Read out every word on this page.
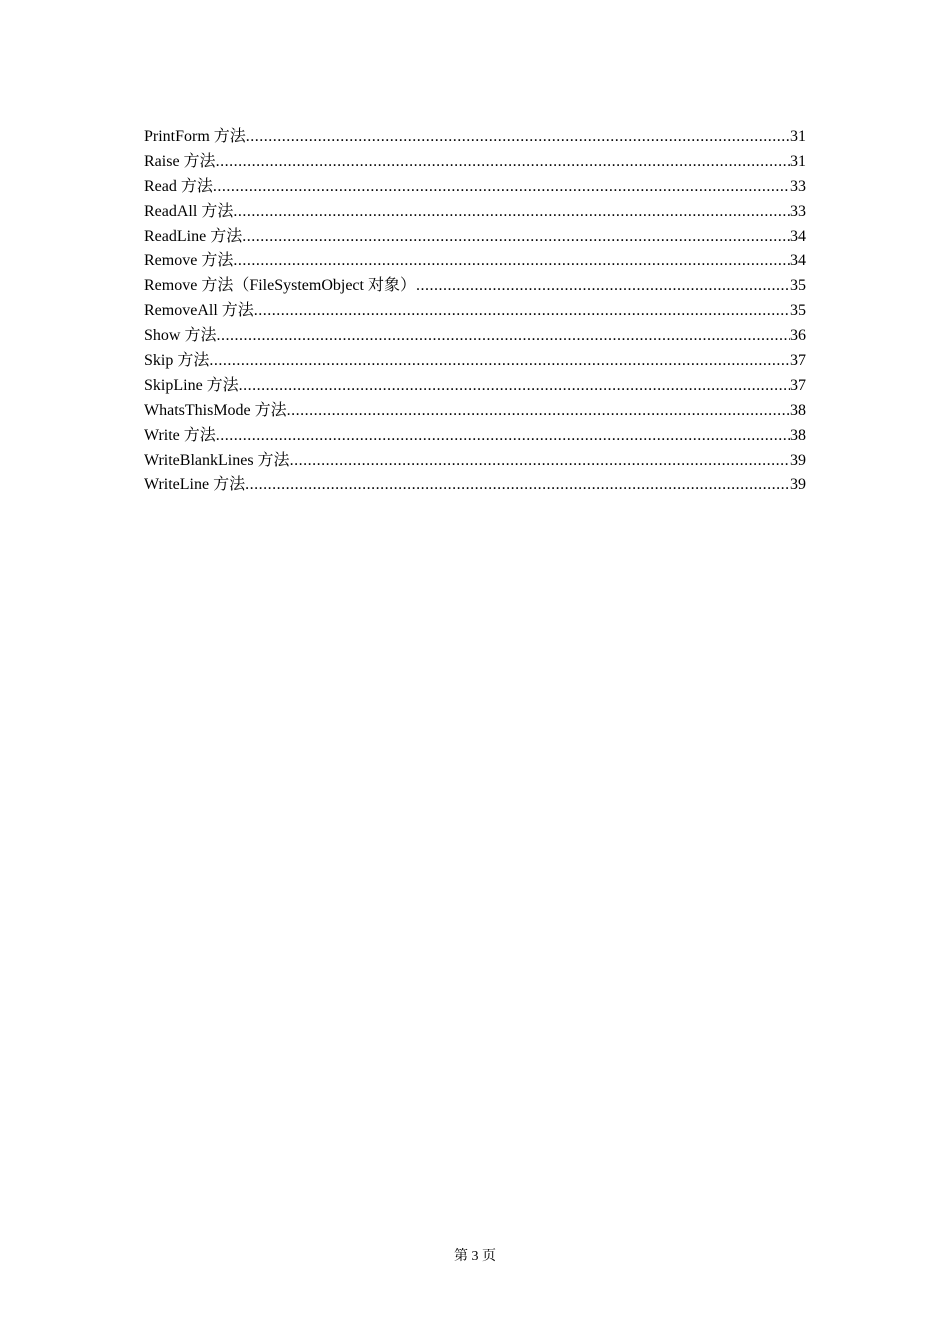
PrintForm 方法 .....	31
Raise 方法 .....	31
Read 方法 .....	33
ReadAll 方法 .....	33
ReadLine 方法 .....	34
Remove 方法 .....	34
Remove 方法（FileSystemObject 对象） .....	35
RemoveAll 方法 .....	35
Show 方法 .....	36
Skip 方法 .....	37
SkipLine 方法 .....	37
WhatsThisMode 方法 .....	38
Write 方法 .....	38
WriteBlankLines 方法 .....	39
WriteLine 方法 .....	39
第 3 页
